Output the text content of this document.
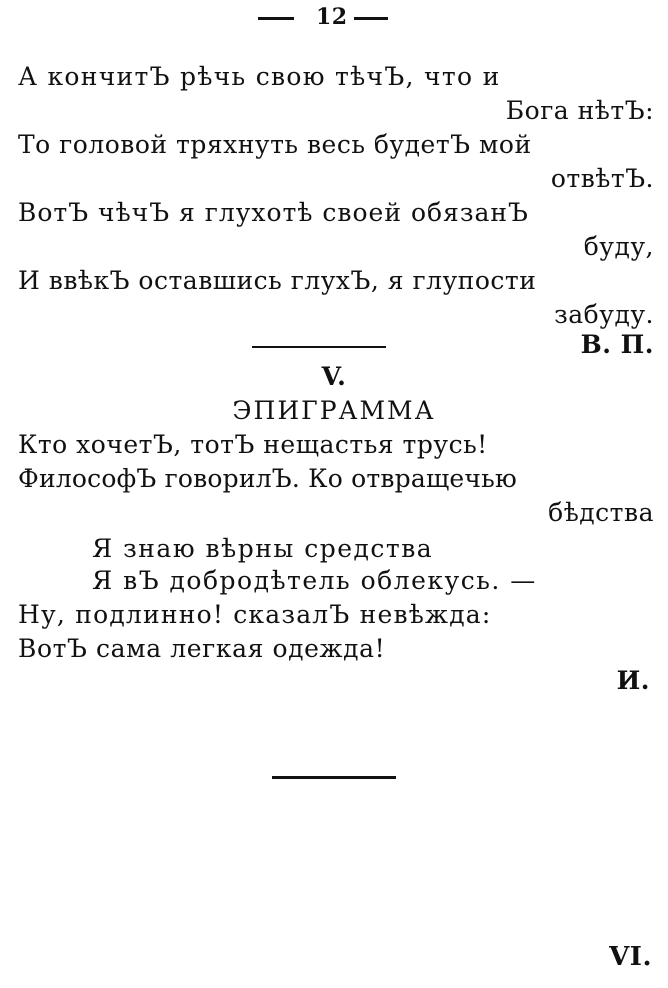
12
А кончитЪ рѣчь свою тѣчЪ, что и
Бога нѣтЪ:
То головой тряхнуть весь будетЪ мой
отвѣтЪ.
ВотЪ чѣчЪ я глухотѣ своей обязанЪ
буду,
И ввѣкЪ оставшись глухЪ, я глупости
забуду.
В. П.
V.
ЭПИГРАММА
Кто хочетЪ, тотЪ нещастья трусь!
ФилософЪ говорилЪ. Ко отвращечью
бѣдства
Я знаю вѣрны средства
Я вЪ добродѣтель облекусь. —
Ну, подлинно! сказалЪ невѣжда:
ВотЪ сама легкая одежда!
И.
VI.
